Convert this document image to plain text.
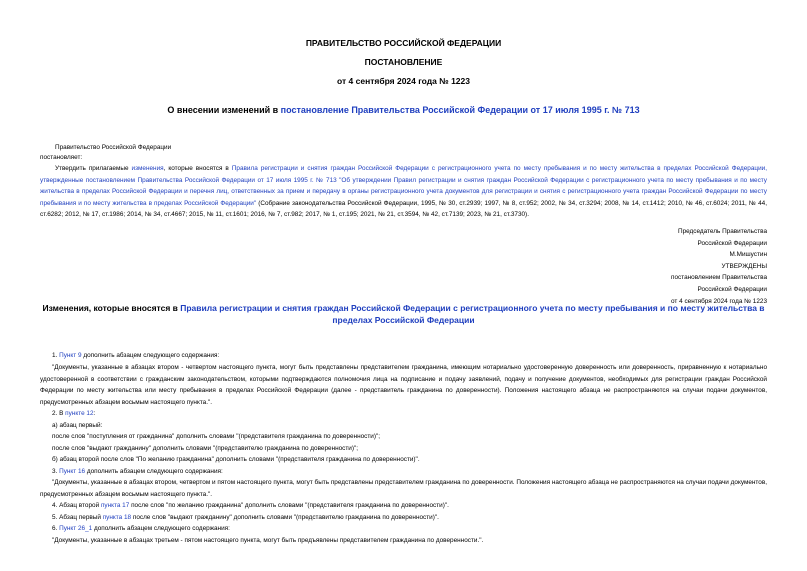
ПРАВИТЕЛЬСТВО РОССИЙСКОЙ ФЕДЕРАЦИИ
ПОСТАНОВЛЕНИЕ
от 4 сентября 2024 года № 1223
О внесении изменений в постановление Правительства Российской Федерации от 17 июля 1995 г. № 713
Правительство Российской Федерации
постановляет:
Утвердить прилагаемые изменения, которые вносятся в Правила регистрации и снятия граждан Российской Федерации с регистрационного учета по месту пребывания и по месту жительства в пределах Российской Федерации, утвержденные постановлением Правительства Российской Федерации от 17 июля 1995 г. № 713 "Об утверждении Правил регистрации и снятия граждан Российской Федерации с регистрационного учета по месту пребывания и по месту жительства в пределах Российской Федерации и перечня лиц, ответственных за прием и передачу в органы регистрационного учета документов для регистрации и снятия с регистрационного учета граждан Российской Федерации по месту пребывания и по месту жительства в пределах Российской Федерации" (Собрание законодательства Российской Федерации, 1995, № 30, ст.2939; 1997, № 8, ст.952; 2002, № 34, ст.3294; 2008, № 14, ст.1412; 2010, № 46, ст.6024; 2011, № 44, ст.6282; 2012, № 17, ст.1986; 2014, № 34, ст.4667; 2015, № 11, ст.1601; 2016, № 7, ст.982; 2017, № 1, ст.195; 2021, № 21, ст.3594, № 42, ст.7139; 2023, № 21, ст.3730).
Председатель Правительства
Российской Федерации
М.Мишустин
УТВЕРЖДЕНЫ
постановлением Правительства
Российской Федерации
от 4 сентября 2024 года № 1223
Изменения, которые вносятся в Правила регистрации и снятия граждан Российской Федерации с регистрационного учета по месту пребывания и по месту жительства в пределах Российской Федерации
1. Пункт 9 дополнить абзацем следующего содержания:
"Документы, указанные в абзацах втором - четвертом настоящего пункта, могут быть представлены представителем гражданина, имеющим нотариально удостоверенную доверенность или доверенность, приравненную к нотариально удостоверенной в соответствии с гражданским законодательством, которыми подтверждаются полномочия лица на подписание и подачу заявлений, подачу и получение документов, необходимых для регистрации граждан Российской Федерации по месту жительства или месту пребывания в пределах Российской Федерации (далее - представитель гражданина по доверенности). Положения настоящего абзаца не распространяются на случаи подачи документов, предусмотренных абзацем восьмым настоящего пункта.".
2. В пункте 12:
а) абзац первый:
после слов "поступления от гражданина" дополнить словами "(представителя гражданина по доверенности)";
после слов "выдают гражданину" дополнить словами "(представителю гражданина по доверенности)";
б) абзац второй после слов "По желанию гражданина" дополнить словами "(представителя гражданина по доверенности)".
3. Пункт 16 дополнить абзацем следующего содержания:
"Документы, указанные в абзацах втором, четвертом и пятом настоящего пункта, могут быть представлены представителем гражданина по доверенности. Положения настоящего абзаца не распространяются на случаи подачи документов, предусмотренных абзацем восьмым настоящего пункта.".
4. Абзац второй пункта 17 после слов "по желанию гражданина" дополнить словами "(представителя гражданина по доверенности)".
5. Абзац первый пункта 18 после слов "выдают гражданину" дополнить словами "(представителю гражданина по доверенности)".
6. Пункт 26_1 дополнить абзацем следующего содержания:
"Документы, указанные в абзацах третьем - пятом настоящего пункта, могут быть предъявлены представителем гражданина по доверенности.".
